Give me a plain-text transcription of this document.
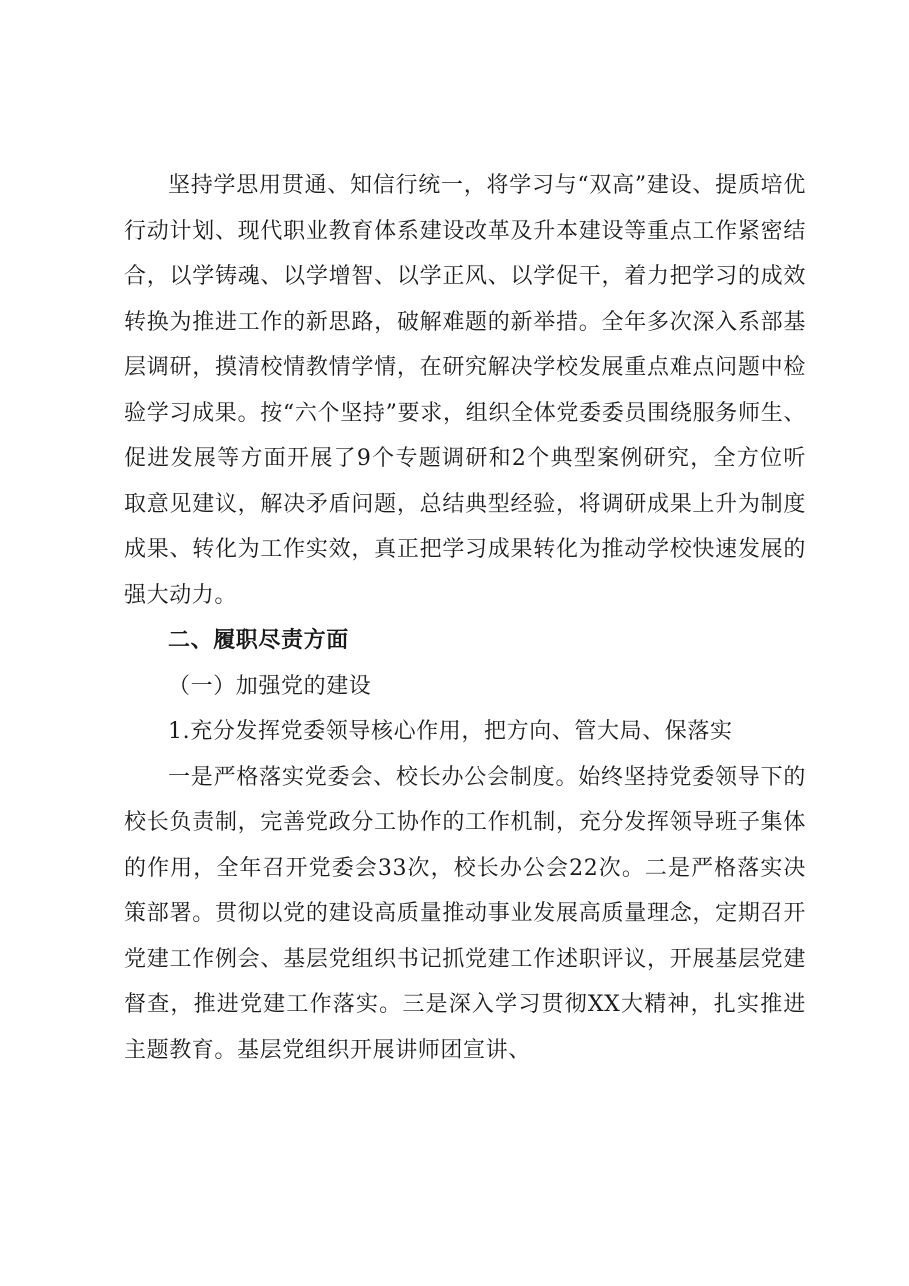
坚持学思用贯通、知信行统一，将学习与“双高”建设、提质培优行动计划、现代职业教育体系建设改革及升本建设等重点工作紧密结合，以学铸魂、以学增智、以学正风、以学促干，着力把学习的成效转换为推进工作的新思路，破解难题的新举措。全年多次深入系部基层调研，摸清校情教情学情，在研究解决学校发展重点难点问题中检验学习成果。按“六个坚持”要求，组织全体党委委员围绕服务师生、促进发展等方面开展了9个专题调研和2个典型案例研究，全方位听取意见建议，解决矛盾问题，总结典型经验，将调研成果上升为制度成果、转化为工作实效，真正把学习成果转化为推动学校快速发展的强大动力。

二、履职尽责方面

（一）加强党的建设

1.充分发挥党委领导核心作用，把方向、管大局、保落实

一是严格落实党委会、校长办公会制度。始终坚持党委领导下的校长负责制，完善党政分工协作的工作机制，充分发挥领导班子集体的作用，全年召开党委会33次，校长办公会22次。二是严格落实决策部署。贯彻以党的建设高质量推动事业发展高质量理念，定期召开党建工作例会、基层党组织书记抓党建工作述职评议，开展基层党建督查，推进党建工作落实。三是深入学习贯彻XX大精神，扎实推进主题教育。基层党组织开展讲师团宣讲、
